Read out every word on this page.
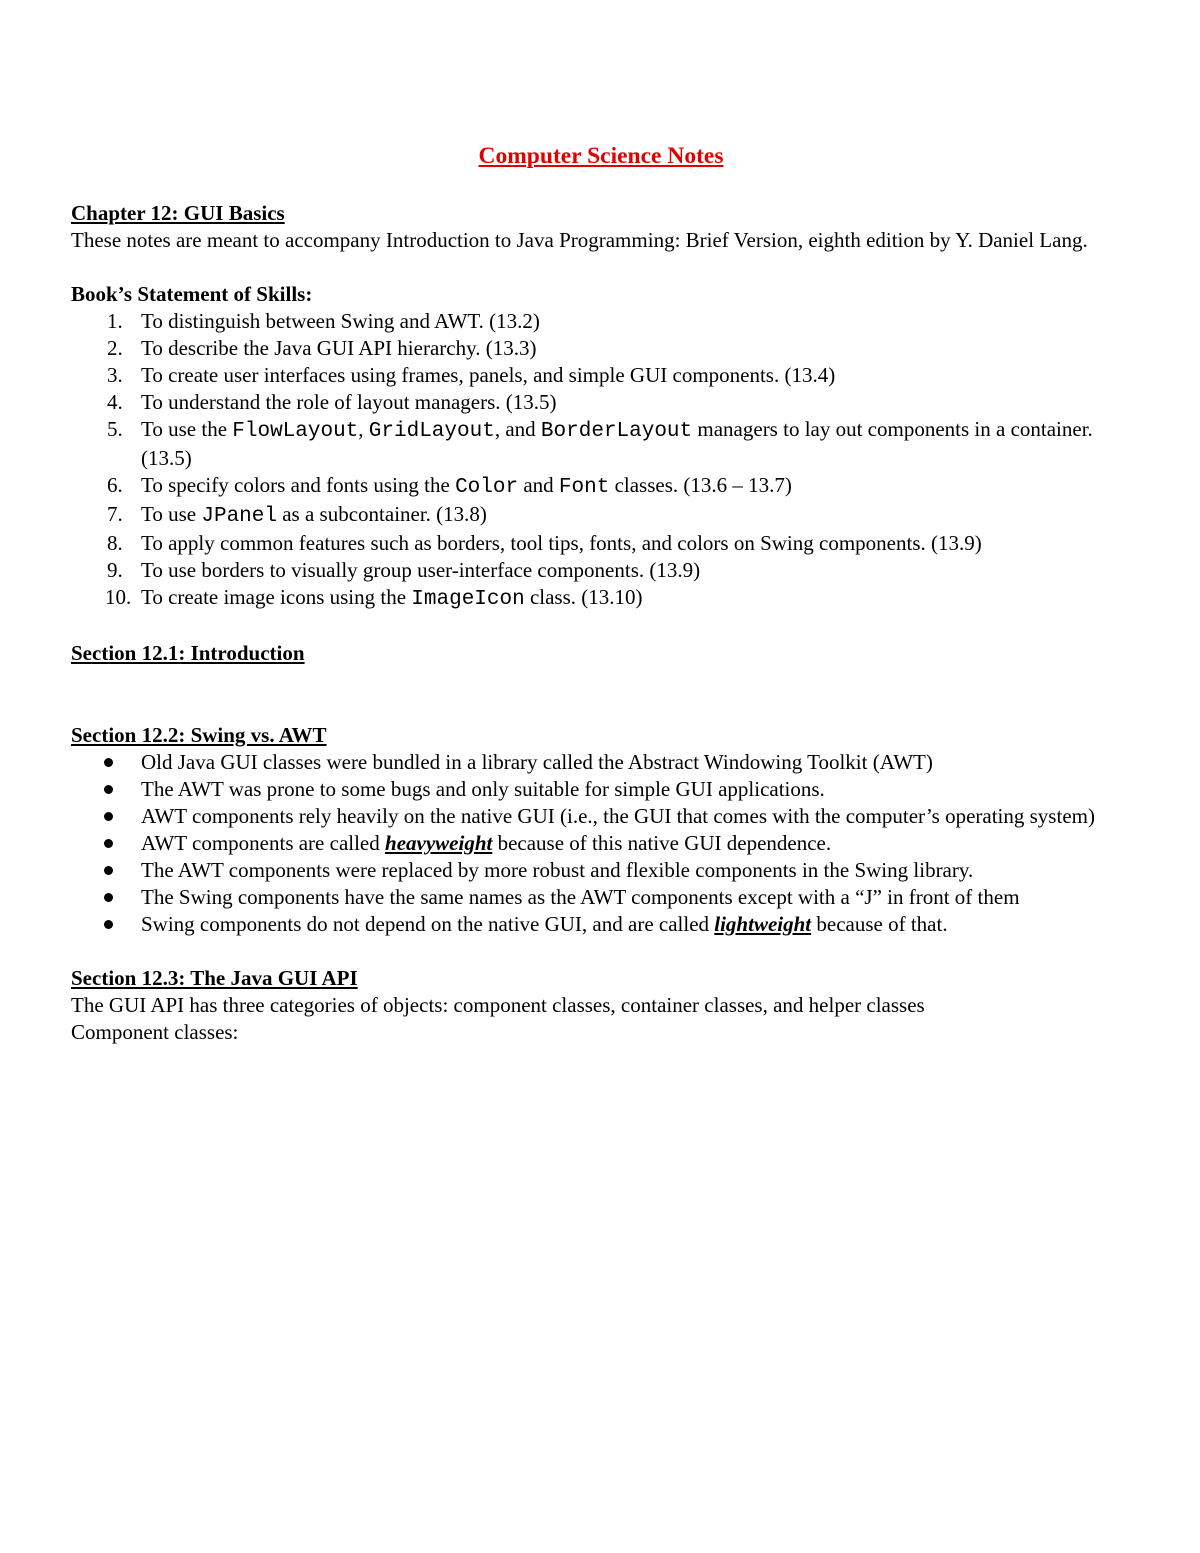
Computer Science Notes

Chapter 12: GUI Basics

These notes are meant to accompany Introduction to Java Programming: Brief Version, eighth edition by Y. Daniel Lang.

Book’s Statement of Skills:

1. To distinguish between Swing and AWT. (13.2)
2. To describe the Java GUI API hierarchy. (13.3)
3. To create user interfaces using frames, panels, and simple GUI components. (13.4)
4. To understand the role of layout managers. (13.5)
5. To use the FlowLayout, GridLayout, and BorderLayout managers to lay out components in a container. (13.5)
6. To specify colors and fonts using the Color and Font classes. (13.6 – 13.7)
7. To use JPanel as a subcontainer. (13.8)
8. To apply common features such as borders, tool tips, fonts, and colors on Swing components. (13.9)
9. To use borders to visually group user-interface components. (13.9)
10. To create image icons using the ImageIcon class. (13.10)

Section 12.1: Introduction

Section 12.2: Swing vs. AWT

Old Java GUI classes were bundled in a library called the Abstract Windowing Toolkit (AWT)
The AWT was prone to some bugs and only suitable for simple GUI applications.
AWT components rely heavily on the native GUI (i.e., the GUI that comes with the computer’s operating system)
AWT components are called heavyweight because of this native GUI dependence.
The AWT components were replaced by more robust and flexible components in the Swing library.
The Swing components have the same names as the AWT components except with a “J” in front of them
Swing components do not depend on the native GUI, and are called lightweight because of that.

Section 12.3: The Java GUI API

The GUI API has three categories of objects: component classes, container classes, and helper classes

Component classes:
